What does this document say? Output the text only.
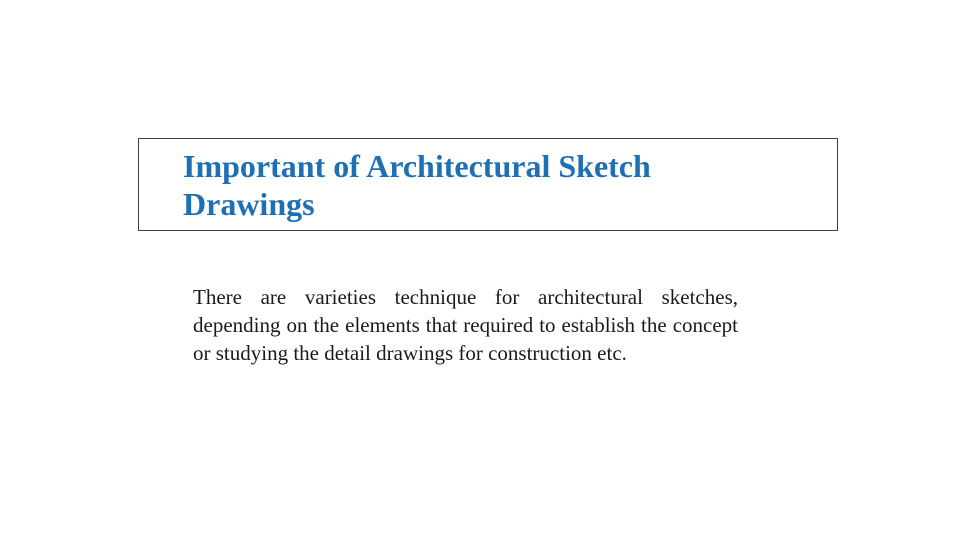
Important of Architectural Sketch Drawings

There are varieties technique for architectural sketches, depending on the elements that required to establish the concept or studying the detail drawings for construction etc.
